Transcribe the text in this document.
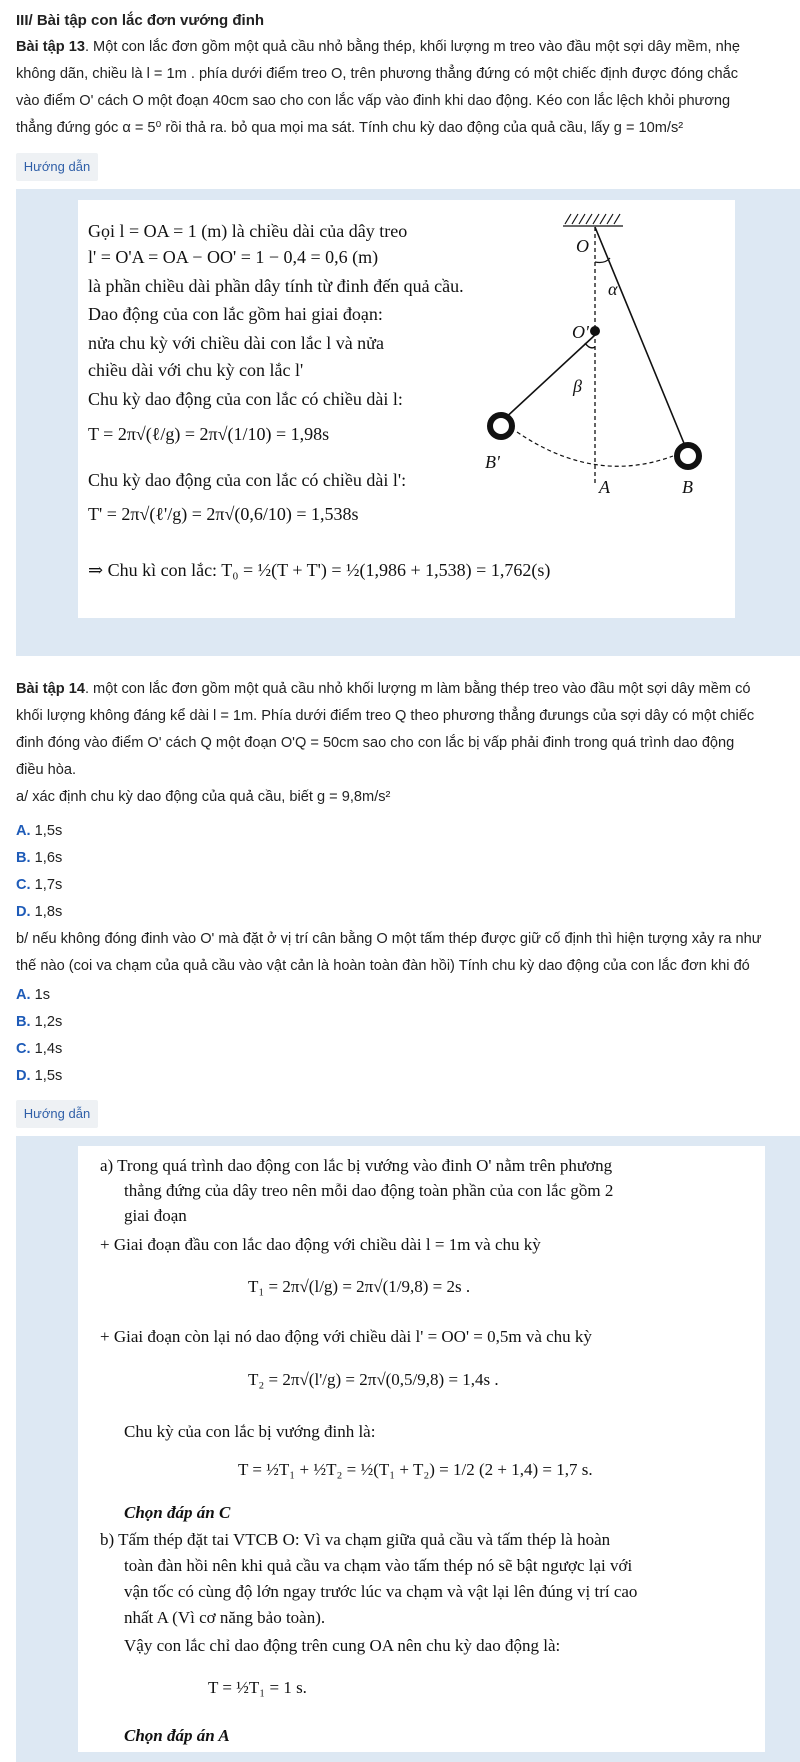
III/ Bài tập con lắc đơn vướng đinh
Bài tập 13. Một con lắc đơn gồm một quả cầu nhỏ bằng thép, khối lượng m treo vào đầu một sợi dây mềm, nhẹ
không dãn, chiều là l = 1m . phía dưới điểm treo O, trên phương thẳng đứng có một chiếc định được đóng chắc
vào điểm O' cách O một đoạn 40cm sao cho con lắc vấp vào đinh khi dao động. Kéo con lắc lệch khỏi phương
thẳng đứng góc α = 5⁰ rồi thả ra. bỏ qua mọi ma sát. Tính chu kỳ dao động của quả cầu, lấy g = 10m/s²
Hướng dẫn
Gọi l = OA = 1 (m) là chiều dài của dây treo
l' = O'A = OA − OO' = 1 − 0,4 = 0,6 (m)
là phần chiều dài phần dây tính từ đinh đến quả cầu.
Dao động của con lắc gồm hai giai đoạn:
nửa chu kỳ với chiều dài con lắc l và nửa
chiều dài với chu kỳ con lắc l'
Chu kỳ dao động của con lắc có chiều dài l:
T = 2π√(ℓ/g) = 2π√(1/10) = 1,98s
Chu kỳ dao động của con lắc có chiều dài l':
T' = 2π√(ℓ'/g) = 2π√(0,6/10) = 1,538s
⇒ Chu kì con lắc: T₀ = ½(T + T') = ½(1,986 + 1,538) = 1,762(s)
O
α
O'
β
B'
A	B
Bài tập 14. một con lắc đơn gồm một quả cầu nhỏ khối lượng m làm bằng thép treo vào đầu một sợi dây mềm có
khối lượng không đáng kể dài l = 1m. Phía dưới điểm treo Q theo phương thẳng đưungs của sợi dây có một chiếc
đinh đóng vào điểm O' cách Q một đoạn O'Q = 50cm sao cho con lắc bị vấp phải đinh trong quá trình dao động
điều hòa.
a/ xác định chu kỳ dao động của quả cầu, biết g = 9,8m/s²
A. 1,5s
B. 1,6s
C. 1,7s
D. 1,8s
b/ nếu không đóng đinh vào O' mà đặt ở vị trí cân bằng O một tấm thép được giữ cố định thì hiện tượng xảy ra như
thế nào (coi va chạm của quả cầu vào vật cản là hoàn toàn đàn hồi) Tính chu kỳ dao động của con lắc đơn khi đó
A. 1s
B. 1,2s
C. 1,4s
D. 1,5s
Hướng dẫn
a) Trong quá trình dao động con lắc bị vướng vào đinh O' nằm trên phương
thẳng đứng của dây treo nên mỗi dao động toàn phần của con lắc gồm 2
giai đoạn
+ Giai đoạn đầu con lắc dao động với chiều dài l = 1m và chu kỳ
T₁ = 2π√(l/g) = 2π√(1/9,8) = 2s .
+ Giai đoạn còn lại nó dao động với chiều dài l' = OO' = 0,5m và chu kỳ
T₂ = 2π√(l'/g) = 2π√(0,5/9,8) = 1,4s .
Chu kỳ của con lắc bị vướng đinh là:
T = ½T₁ + ½T₂ = ½(T₁ + T₂) = 1/2 (2 + 1,4) = 1,7 s.
Chọn đáp án C
b) Tấm thép đặt tai VTCB O: Vì va chạm giữa quả cầu và tấm thép là hoàn
toàn đàn hồi nên khi quả cầu va chạm vào tấm thép nó sẽ bật ngược lại với
vận tốc có cùng độ lớn ngay trước lúc va chạm và vật lại lên đúng vị trí cao
nhất A (Vì cơ năng bảo toàn).
Vậy con lắc chỉ dao động trên cung OA nên chu kỳ dao động là:
T = ½T₁ = 1 s.
Chọn đáp án A
